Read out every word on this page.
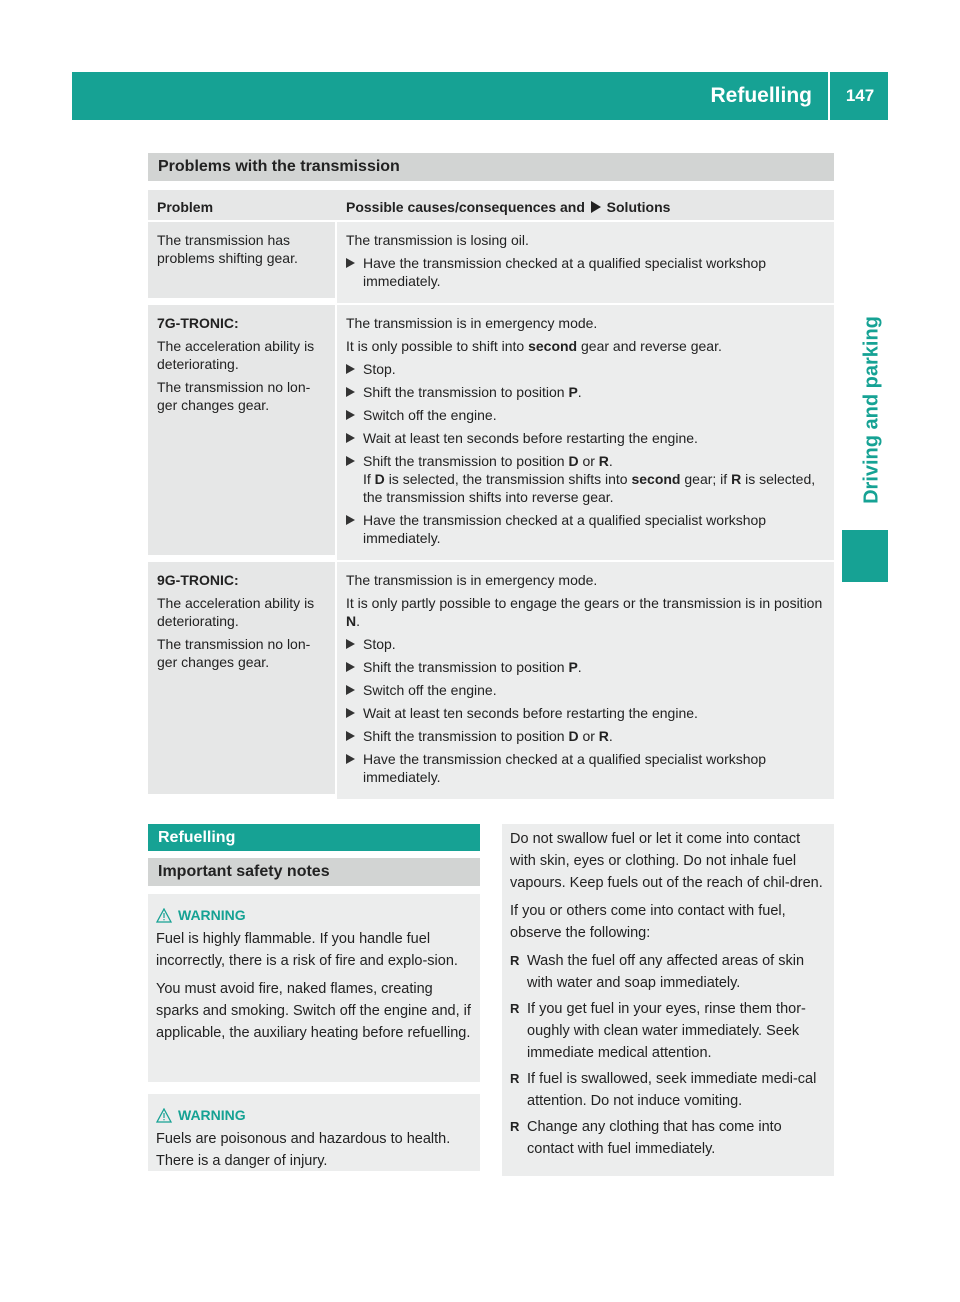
Refuelling	147
Driving and parking
Problems with the transmission
Problem	Possible causes/consequences and Solutions
The transmission has problems shifting gear.
The transmission is losing oil.
Have the transmission checked at a qualified specialist workshop immediately.
7G-TRONIC:
The acceleration ability is deteriorating.
The transmission no lon-ger changes gear.
The transmission is in emergency mode.
It is only possible to shift into second gear and reverse gear.
Stop.
Shift the transmission to position P.
Switch off the engine.
Wait at least ten seconds before restarting the engine.
Shift the transmission to position D or R.
If D is selected, the transmission shifts into second gear; if R is selected, the transmission shifts into reverse gear.
Have the transmission checked at a qualified specialist workshop immediately.
9G-TRONIC:
The acceleration ability is deteriorating.
The transmission no lon-ger changes gear.
The transmission is in emergency mode.
It is only partly possible to engage the gears or the transmission is in position N.
Stop.
Shift the transmission to position P.
Switch off the engine.
Wait at least ten seconds before restarting the engine.
Shift the transmission to position D or R.
Have the transmission checked at a qualified specialist workshop immediately.
Refuelling
Important safety notes
WARNING
Fuel is highly flammable. If you handle fuel incorrectly, there is a risk of fire and explo-sion.
You must avoid fire, naked flames, creating sparks and smoking. Switch off the engine and, if applicable, the auxiliary heating before refuelling.
WARNING
Fuels are poisonous and hazardous to health. There is a danger of injury.
Do not swallow fuel or let it come into contact with skin, eyes or clothing. Do not inhale fuel vapours. Keep fuels out of the reach of chil-dren.
If you or others come into contact with fuel, observe the following:
R Wash the fuel off any affected areas of skin with water and soap immediately.
R If you get fuel in your eyes, rinse them thor-oughly with clean water immediately. Seek immediate medical attention.
R If fuel is swallowed, seek immediate medi-cal attention. Do not induce vomiting.
R Change any clothing that has come into contact with fuel immediately.
